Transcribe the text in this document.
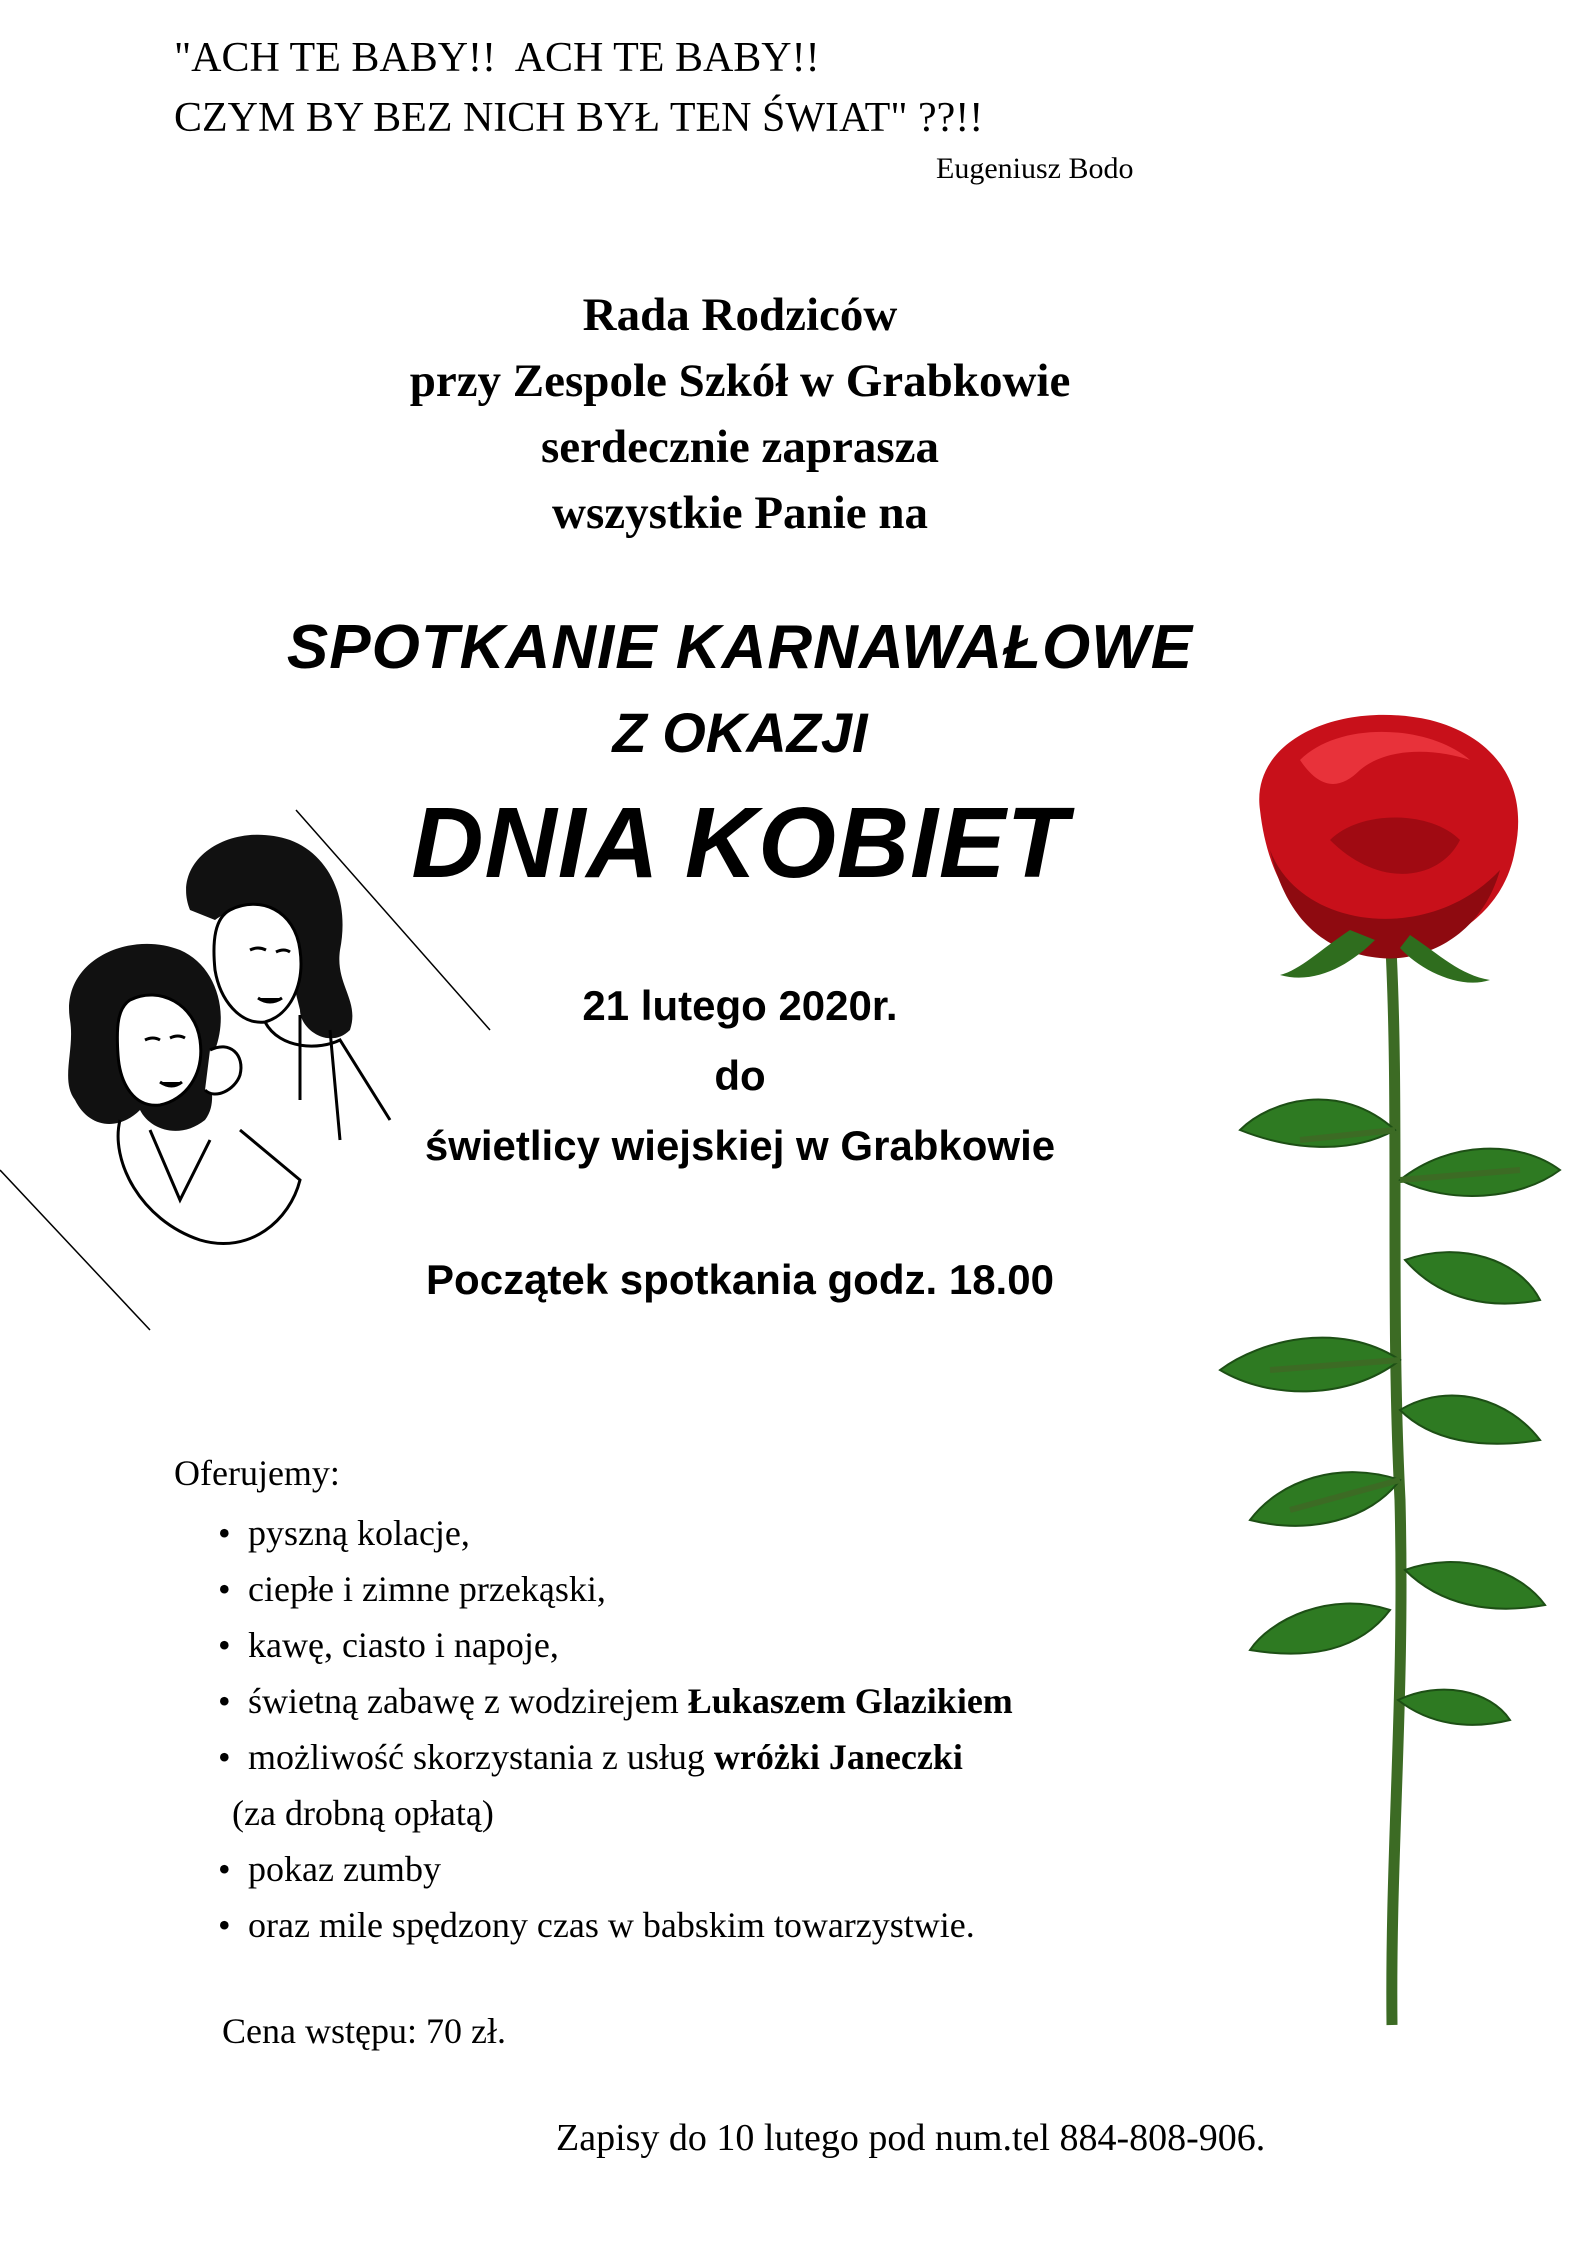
"ACH TE BABY!!  ACH TE BABY!!
CZYM BY BEZ NICH BYŁ TEN ŚWIAT" ??!!
Eugeniusz Bodo
Rada Rodziców
przy Zespole Szkół w Grabkowie
serdecznie zaprasza
wszystkie Panie na
SPOTKANIE KARNAWAŁOWE
Z OKAZJI
DNIA KOBIET
21 lutego 2020r.
do
świetlicy wiejskiej w Grabkowie
Początek spotkania godz. 18.00
Oferujemy:
• pyszną kolacje,
• ciepłe i zimne przekąski,
• kawę, ciasto i napoje,
• świetną zabawę z wodzirejem Łukaszem Glazikiem
• możliwość skorzystania z usług wróżki Janeczki
(za drobną opłatą)
• pokaz zumby
• oraz mile spędzony czas w babskim towarzystwie.
Cena wstępu: 70 zł.
Zapisy do 10 lutego pod num.tel 884-808-906.
